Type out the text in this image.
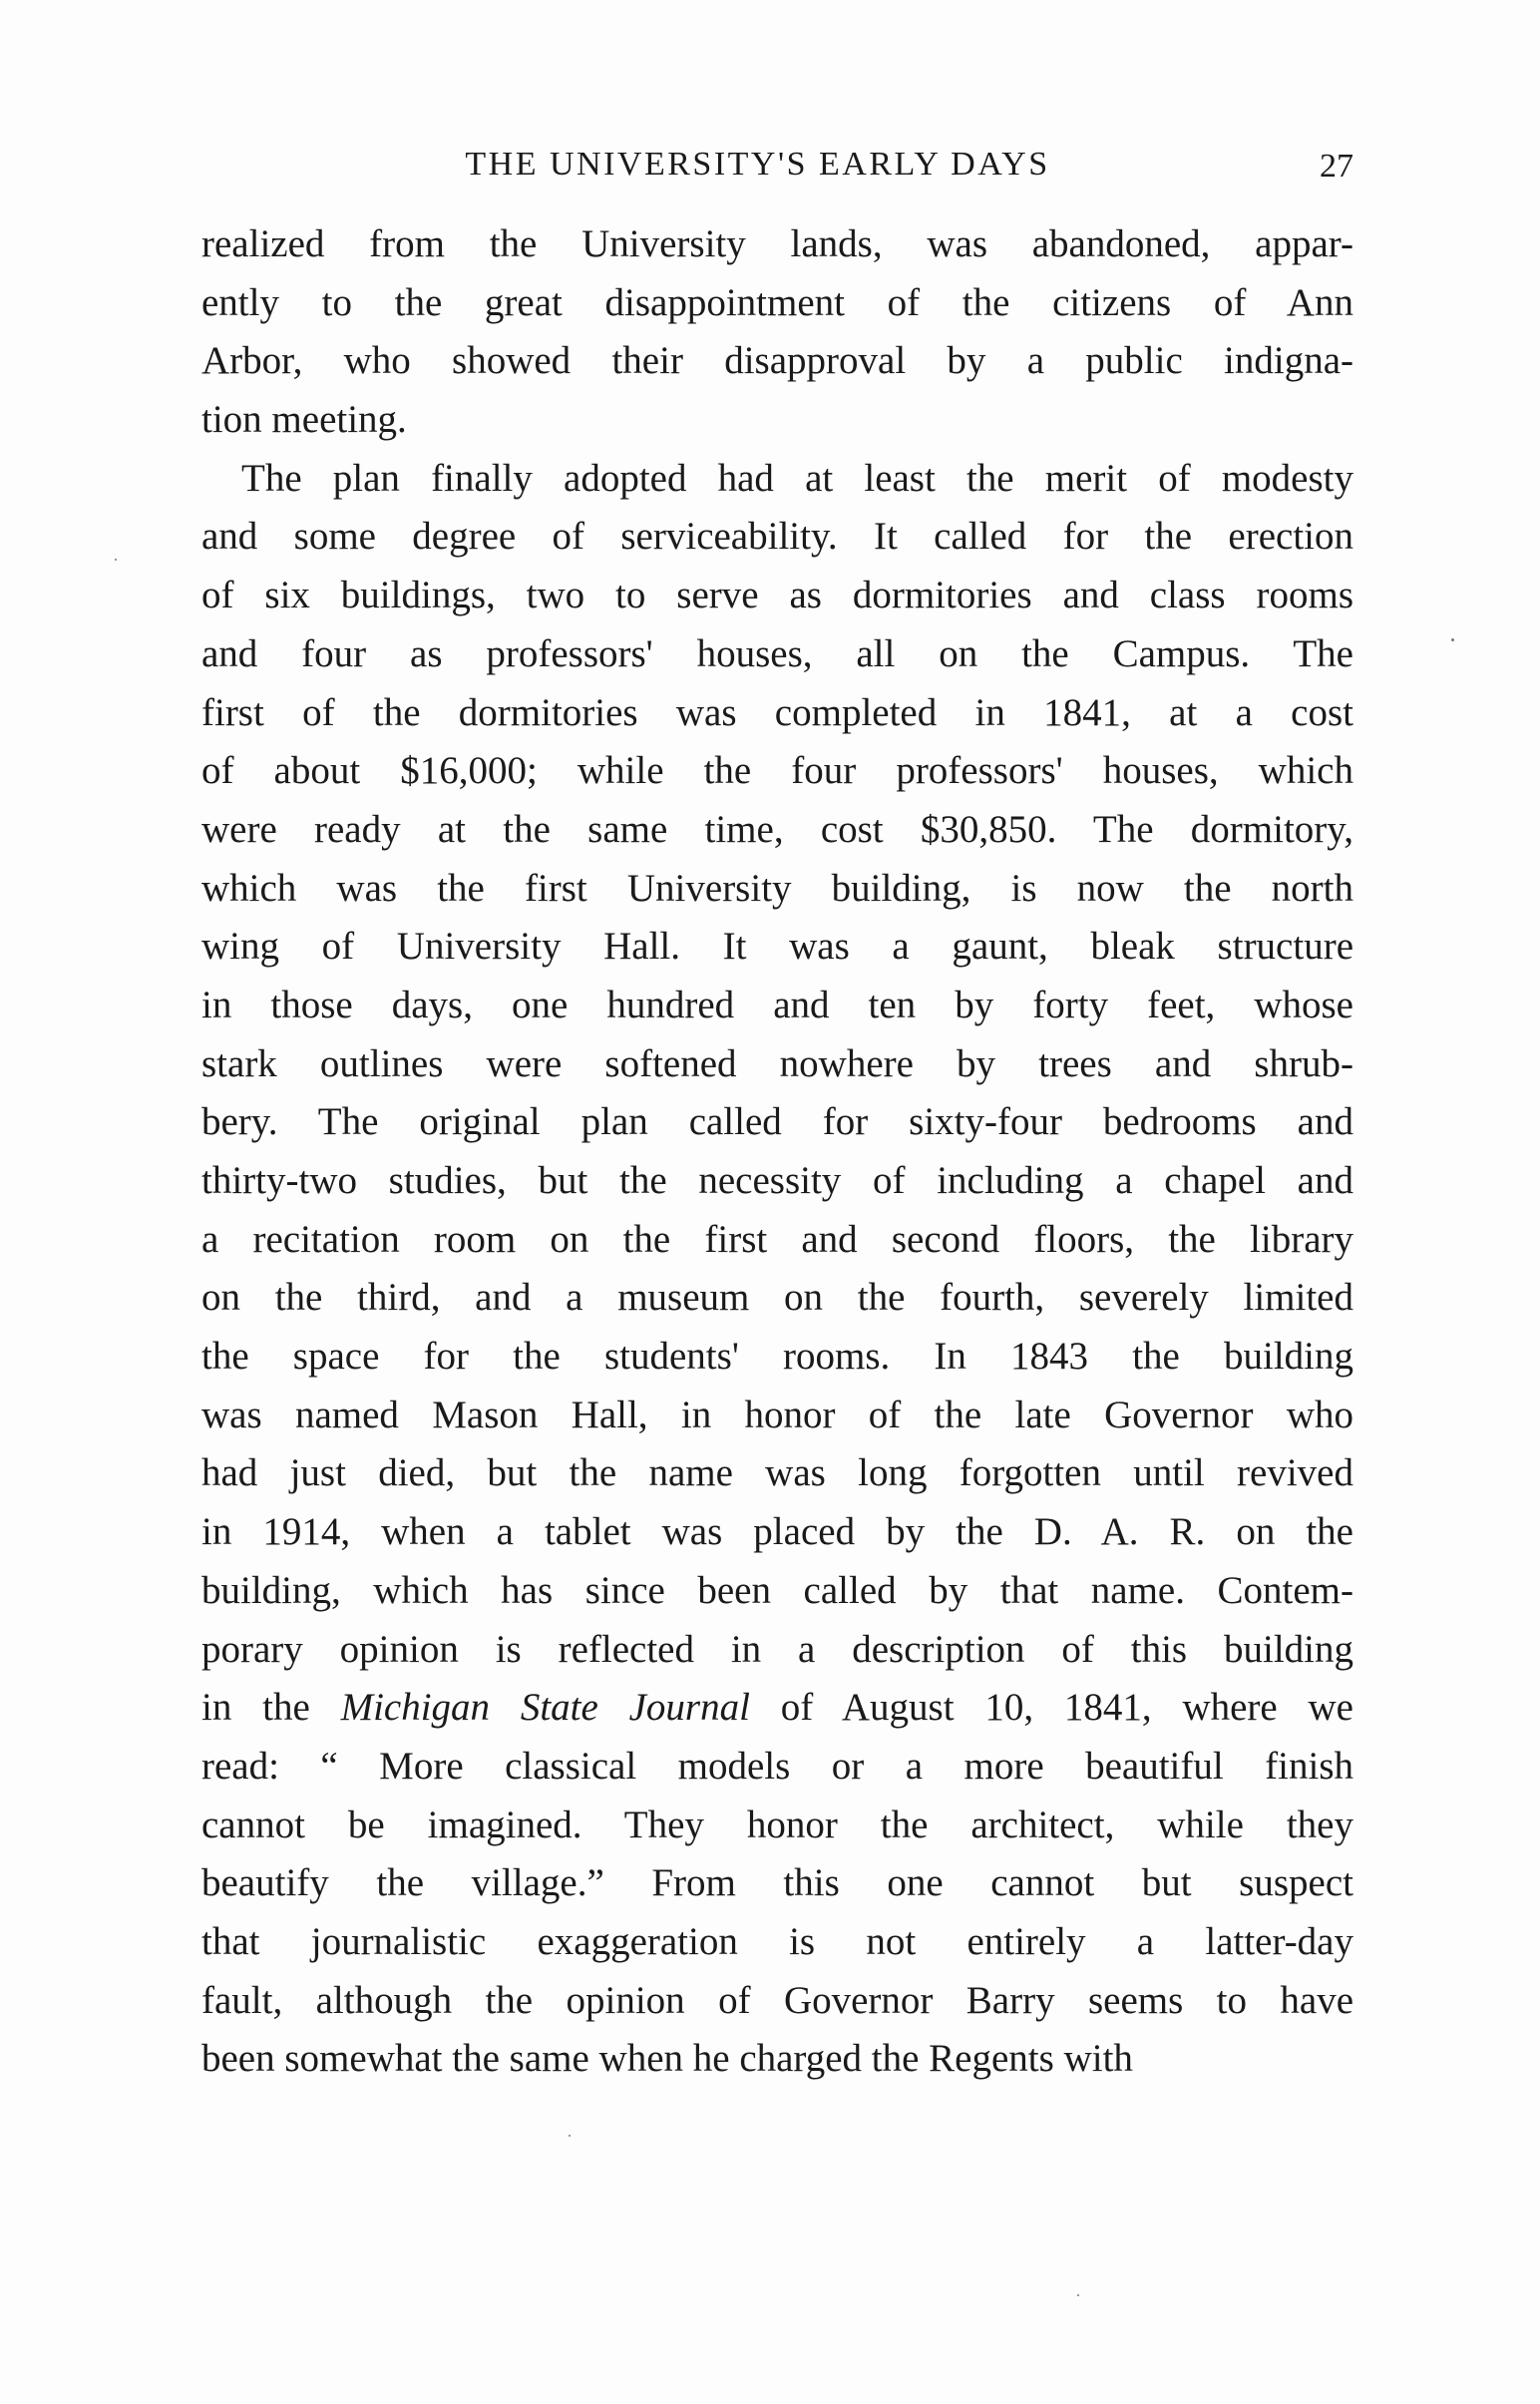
THE UNIVERSITY'S EARLY DAYS	27
realized from the University lands, was abandoned, appar-
ently to the great disappointment of the citizens of Ann
Arbor, who showed their disapproval by a public indigna-
tion meeting.
The plan finally adopted had at least the merit of modesty
and some degree of serviceability. It called for the erection
of six buildings, two to serve as dormitories and class rooms
and four as professors' houses, all on the Campus. The
first of the dormitories was completed in 1841, at a cost
of about $16,000; while the four professors' houses, which
were ready at the same time, cost $30,850. The dormitory,
which was the first University building, is now the north
wing of University Hall. It was a gaunt, bleak structure
in those days, one hundred and ten by forty feet, whose
stark outlines were softened nowhere by trees and shrub-
bery. The original plan called for sixty-four bedrooms and
thirty-two studies, but the necessity of including a chapel and
a recitation room on the first and second floors, the library
on the third, and a museum on the fourth, severely limited
the space for the students' rooms. In 1843 the building
was named Mason Hall, in honor of the late Governor who
had just died, but the name was long forgotten until revived
in 1914, when a tablet was placed by the D. A. R. on the
building, which has since been called by that name. Contem-
porary opinion is reflected in a description of this building
in the Michigan State Journal of August 10, 1841, where we
read: “ More classical models or a more beautiful finish
cannot be imagined. They honor the architect, while they
beautify the village.” From this one cannot but suspect
that journalistic exaggeration is not entirely a latter-day
fault, although the opinion of Governor Barry seems to have
been somewhat the same when he charged the Regents with
